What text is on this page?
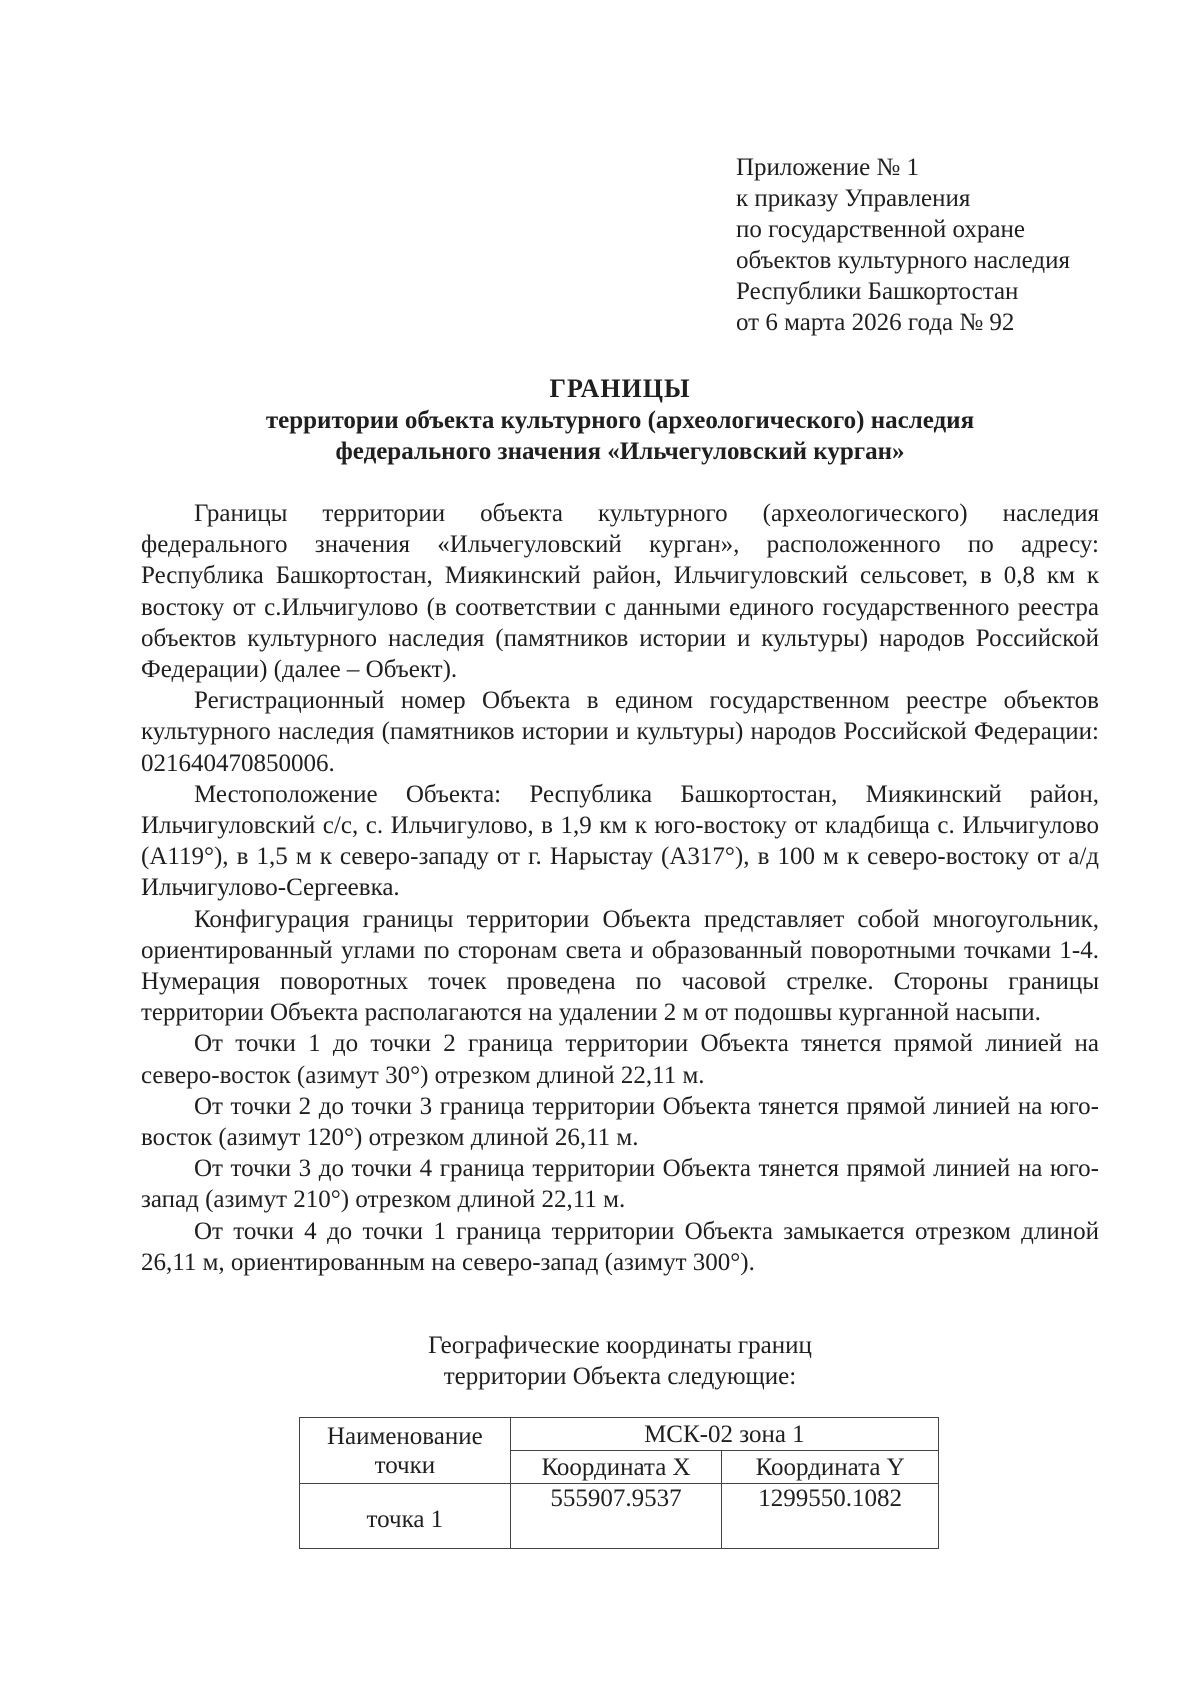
Приложение № 1
к приказу Управления
по государственной охране
объектов культурного наследия
Республики Башкортостан
от 6 марта 2026 года № 92
ГРАНИЦЫ
территории объекта культурного (археологического) наследия
федерального значения «Ильчегуловский курган»

Границы территории объекта культурного (археологического) наследия федерального значения «Ильчегуловский курган», расположенного по адресу: Республика Башкортостан, Миякинский район, Ильчигуловский сельсовет, в 0,8 км к востоку от с.Ильчигулово (в соответствии с данными единого государственного реестра объектов культурного наследия (памятников истории и культуры) народов Российской Федерации) (далее – Объект).

Регистрационный номер Объекта в едином государственном реестре объектов культурного наследия (памятников истории и культуры) народов Российской Федерации: 021640470850006.

Местоположение Объекта: Республика Башкортостан, Миякинский район, Ильчигуловский с/с, с. Ильчигулово, в 1,9 км к юго-востоку от кладбища с. Ильчигулово (А119°), в 1,5 м к северо-западу от г. Нарыстау (А317°), в 100 м к северо-востоку от а/д Ильчигулово-Сергеевка.

Конфигурация границы территории Объекта представляет собой многоугольник, ориентированный углами по сторонам света и образованный поворотными точками 1-4. Нумерация поворотных точек проведена по часовой стрелке. Стороны границы территории Объекта располагаются на удалении 2 м от подошвы курганной насыпи.

От точки 1 до точки 2 граница территории Объекта тянется прямой линией на северо-восток (азимут 30°) отрезком длиной 22,11 м.

От точки 2 до точки 3 граница территории Объекта тянется прямой линией на юго-восток (азимут 120°) отрезком длиной 26,11 м.

От точки 3 до точки 4 граница территории Объекта тянется прямой линией на юго-запад (азимут 210°) отрезком длиной 22,11 м.

От точки 4 до точки 1 граница территории Объекта замыкается отрезком длиной 26,11 м, ориентированным на северо-запад (азимут 300°).

Географические координаты границ
территории Объекта следующие:
Наименование точки	МСК-02 зона 1	
	Координата X	Координата Y
точка 1	555907.9537	1299550.1082
